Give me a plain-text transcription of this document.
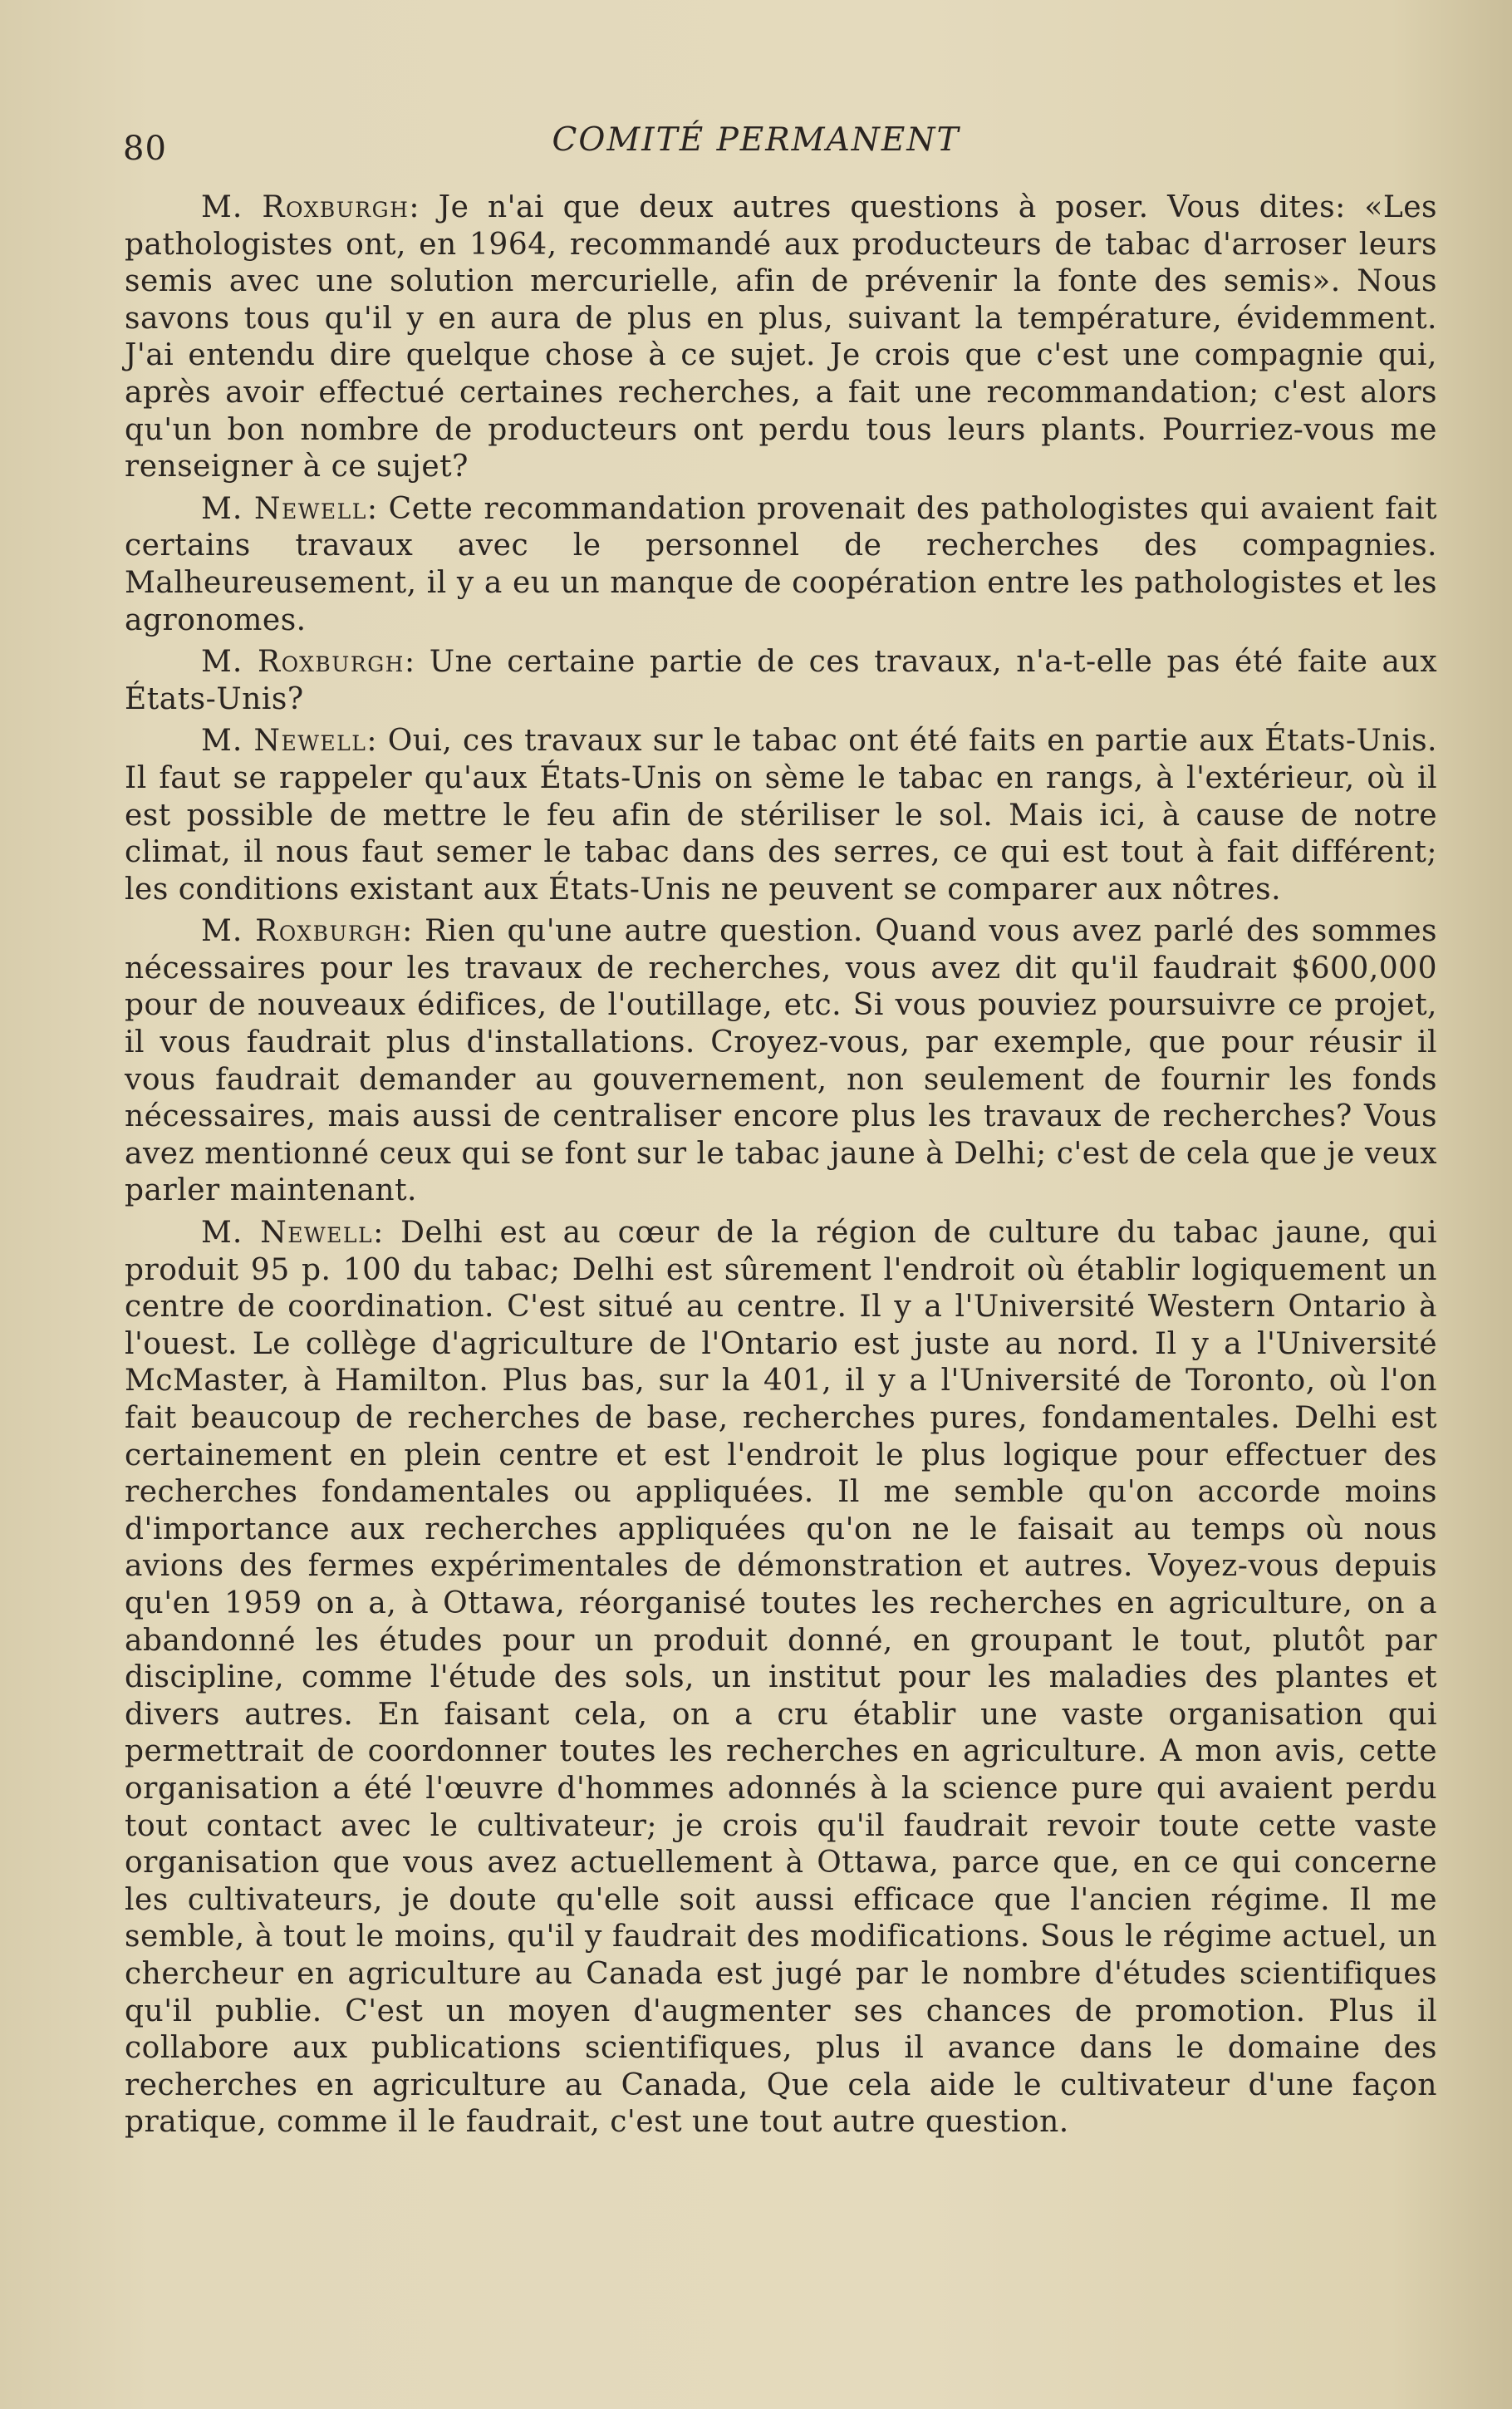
80	COMITÉ PERMANENT

M. Roxburgh: Je n'ai que deux autres questions à poser. Vous dites: «Les pathologistes ont, en 1964, recommandé aux producteurs de tabac d'arroser leurs semis avec une solution mercurielle, afin de prévenir la fonte des semis». Nous savons tous qu'il y en aura de plus en plus, suivant la température, évidemment. J'ai entendu dire quelque chose à ce sujet. Je crois que c'est une compagnie qui, après avoir effectué certaines recherches, a fait une recommandation; c'est alors qu'un bon nombre de producteurs ont perdu tous leurs plants. Pourriez-vous me renseigner à ce sujet?

M. Newell: Cette recommandation provenait des pathologistes qui avaient fait certains travaux avec le personnel de recherches des compagnies. Malheureusement, il y a eu un manque de coopération entre les pathologistes et les agronomes.

M. Roxburgh: Une certaine partie de ces travaux, n'a-t-elle pas été faite aux États-Unis?

M. Newell: Oui, ces travaux sur le tabac ont été faits en partie aux États-Unis. Il faut se rappeler qu'aux États-Unis on sème le tabac en rangs, à l'extérieur, où il est possible de mettre le feu afin de stériliser le sol. Mais ici, à cause de notre climat, il nous faut semer le tabac dans des serres, ce qui est tout à fait différent; les conditions existant aux États-Unis ne peuvent se comparer aux nôtres.

M. Roxburgh: Rien qu'une autre question. Quand vous avez parlé des sommes nécessaires pour les travaux de recherches, vous avez dit qu'il faudrait $600,000 pour de nouveaux édifices, de l'outillage, etc. Si vous pouviez poursuivre ce projet, il vous faudrait plus d'installations. Croyez-vous, par exemple, que pour réusir il vous faudrait demander au gouvernement, non seulement de fournir les fonds nécessaires, mais aussi de centraliser encore plus les travaux de recherches? Vous avez mentionné ceux qui se font sur le tabac jaune à Delhi; c'est de cela que je veux parler maintenant.

M. Newell: Delhi est au cœur de la région de culture du tabac jaune, qui produit 95 p. 100 du tabac; Delhi est sûrement l'endroit où établir logiquement un centre de coordination. C'est situé au centre. Il y a l'Université Western Ontario à l'ouest. Le collège d'agriculture de l'Ontario est juste au nord. Il y a l'Université McMaster, à Hamilton. Plus bas, sur la 401, il y a l'Université de Toronto, où l'on fait beaucoup de recherches de base, recherches pures, fondamentales. Delhi est certainement en plein centre et est l'endroit le plus logique pour effectuer des recherches fondamentales ou appliquées. Il me semble qu'on accorde moins d'importance aux recherches appliquées qu'on ne le faisait au temps où nous avions des fermes expérimentales de démonstration et autres. Voyez-vous depuis qu'en 1959 on a, à Ottawa, réorganisé toutes les recherches en agriculture, on a abandonné les études pour un produit donné, en groupant le tout, plutôt par discipline, comme l'étude des sols, un institut pour les maladies des plantes et divers autres. En faisant cela, on a cru établir une vaste organisation qui permettrait de coordonner toutes les recherches en agriculture. A mon avis, cette organisation a été l'œuvre d'hommes adonnés à la science pure qui avaient perdu tout contact avec le cultivateur; je crois qu'il faudrait revoir toute cette vaste organisation que vous avez actuellement à Ottawa, parce que, en ce qui concerne les cultivateurs, je doute qu'elle soit aussi efficace que l'ancien régime. Il me semble, à tout le moins, qu'il y faudrait des modifications. Sous le régime actuel, un chercheur en agriculture au Canada est jugé par le nombre d'études scientifiques qu'il publie. C'est un moyen d'augmenter ses chances de promotion. Plus il collabore aux publications scientifiques, plus il avance dans le domaine des recherches en agriculture au Canada, Que cela aide le cultivateur d'une façon pratique, comme il le faudrait, c'est une tout autre question.
